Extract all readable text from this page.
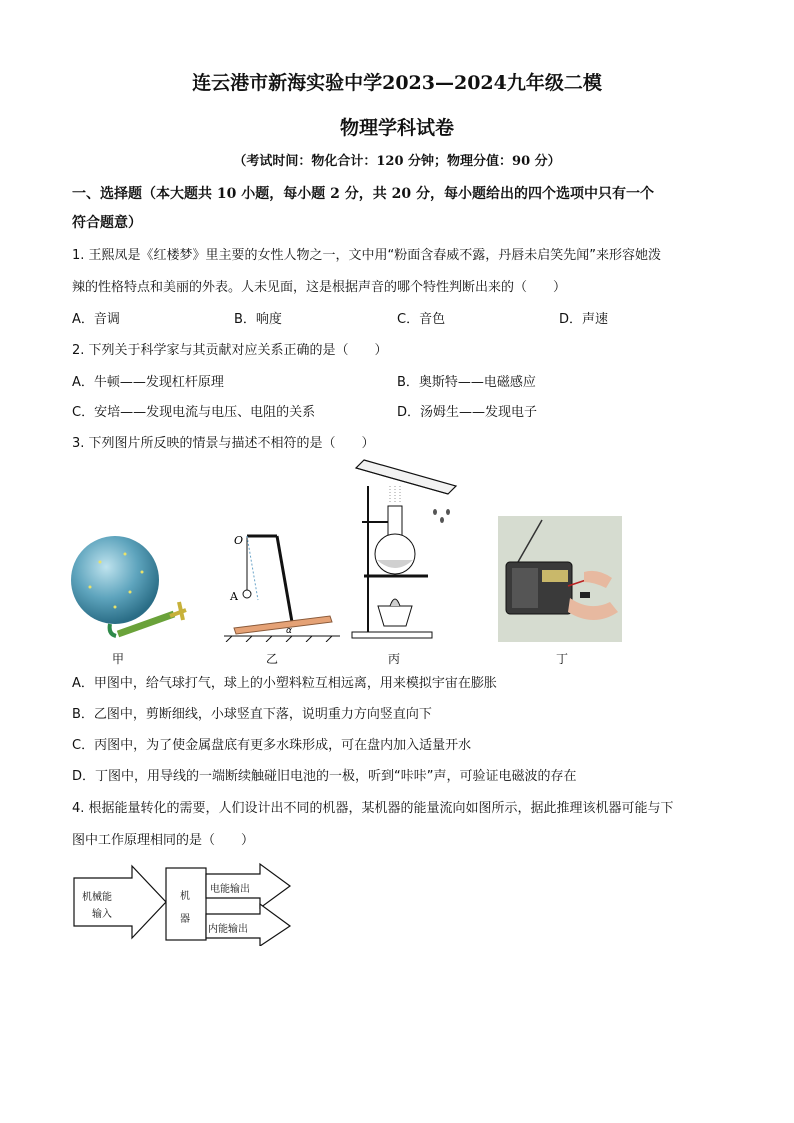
连云港市新海实验中学2023—2024九年级二模
物理学科试卷
（考试时间：物化合计：120 分钟；物理分值：90 分）
一、选择题（本大题共 10 小题，每小题 2 分，共 20 分，每小题给出的四个选项中只有一个
符合题意）
1. 王熙凤是《红楼梦》里主要的女性人物之一，文中用“粉面含春威不露，丹唇未启笑先闻”来形容她泼
辣的性格特点和美丽的外表。人未见面，这是根据声音的哪个特性判断出来的（　　）
A．音调	B．响度	C．音色	D．声速
2. 下列关于科学家与其贡献对应关系正确的是（　　）
A．牛顿——发现杠杆原理	B．奥斯特——电磁感应
C．安培——发现电流与电压、电阻的关系	D．汤姆生——发现电子
3. 下列图片所反映的情景与描述不相符的是（　　）
甲
O
A
α
乙	丙	丁
A．甲图中，给气球打气，球上的小塑料粒互相远离，用来模拟宇宙在膨胀
B．乙图中，剪断细线，小球竖直下落，说明重力方向竖直向下
C．丙图中，为了使金属盘底有更多水珠形成，可在盘内加入适量开水
D．丁图中，用导线的一端断续触碰旧电池的一极，听到“咔咔”声，可验证电磁波的存在
4. 根据能量转化的需要，人们设计出不同的机器，某机器的能量流向如图所示，据此推理该机器可能与下
图中工作原理相同的是（　　）
机械能
输入
机
器
电能输出
内能输出
